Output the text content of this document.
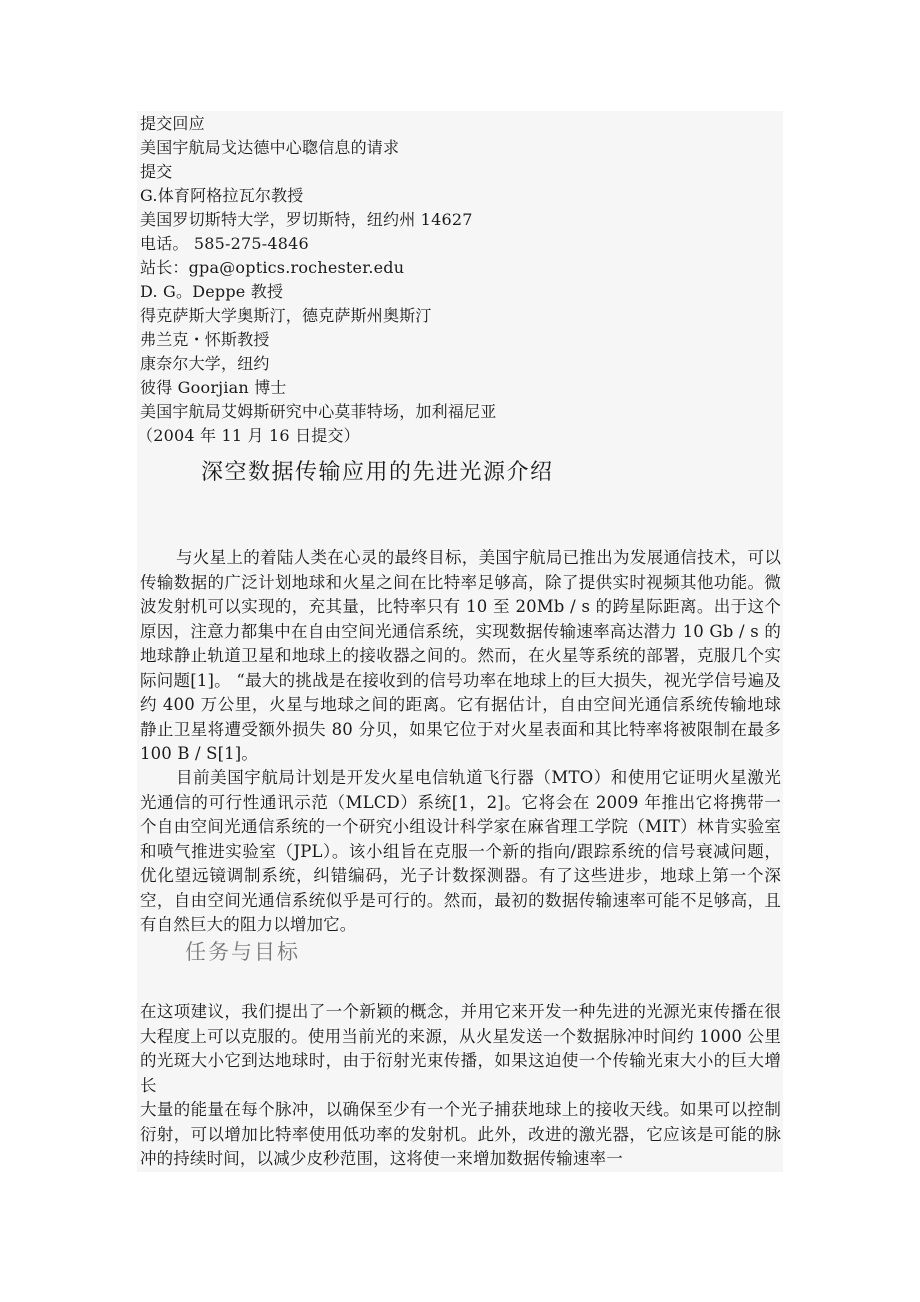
提交回应
美国宇航局戈达德中心聦信息的请求
提交
G.体育阿格拉瓦尔教授
美国罗切斯特大学，罗切斯特，纽约州 14627
电话。 585-275-4846
站长：gpa@optics.rochester.edu
D. G。Deppe 教授
得克萨斯大学奥斯汀，德克萨斯州奥斯汀
弗兰克・怀斯教授
康奈尔大学，纽约
彼得 Goorjian 博士
美国宇航局艾姆斯研究中心莫菲特场，加利福尼亚
（2004 年 11 月 16 日提交）
深空数据传输应用的先进光源介绍

与火星上的着陆人类在心灵的最终目标，美国宇航局已推出为发展通信技术，可以传输数据的广泛计划地球和火星之间在比特率足够高，除了提供实时视频其他功能。微波发射机可以实现的，充其量，比特率只有 10 至 20Mb / s 的跨星际距离。出于这个原因，注意力都集中在自由空间光通信系统，实现数据传输速率高达潜力 10 Gb / s 的地球静止轨道卫星和地球上的接收器之间的。然而，在火星等系统的部署，克服几个实际问题[1]。 “最大的挑战是在接收到的信号功率在地球上的巨大损失，视光学信号遍及约 400 万公里，火星与地球之间的距离。它有据估计，自由空间光通信系统传输地球静止卫星将遭受额外损失 80 分贝，如果它位于对火星表面和其比特率将被限制在最多 100 B / S[1]。

目前美国宇航局计划是开发火星电信轨道飞行器（MTO）和使用它证明火星激光光通信的可行性通讯示范（MLCD）系统[1，2]。它将会在 2009 年推出它将携带一个自由空间光通信系统的一个研究小组设计科学家在麻省理工学院（MIT）林肯实验室和喷气推进实验室（JPL）。该小组旨在克服一个新的指向/跟踪系统的信号衰减问题，优化望远镜调制系统，纠错编码，光子计数探测器。有了这些进步，地球上第一个深空，自由空间光通信系统似乎是可行的。然而，最初的数据传输速率可能不足够高，且有自然巨大的阻力以增加它。

任务与目标

在这项建议，我们提出了一个新颖的概念，并用它来开发一种先进的光源光束传播在很大程度上可以克服的。使用当前光的来源，从火星发送一个数据脉冲时间约 1000 公里的光斑大小它到达地球时，由于衍射光束传播，如果这迫使一个传输光束大小的巨大增长

大量的能量在每个脉冲，以确保至少有一个光子捕获地球上的接收天线。如果可以控制衍射，可以增加比特率使用低功率的发射机。此外，改进的激光器，它应该是可能的脉冲的持续时间，以减少皮秒范围，这将使一来增加数据传输速率一
